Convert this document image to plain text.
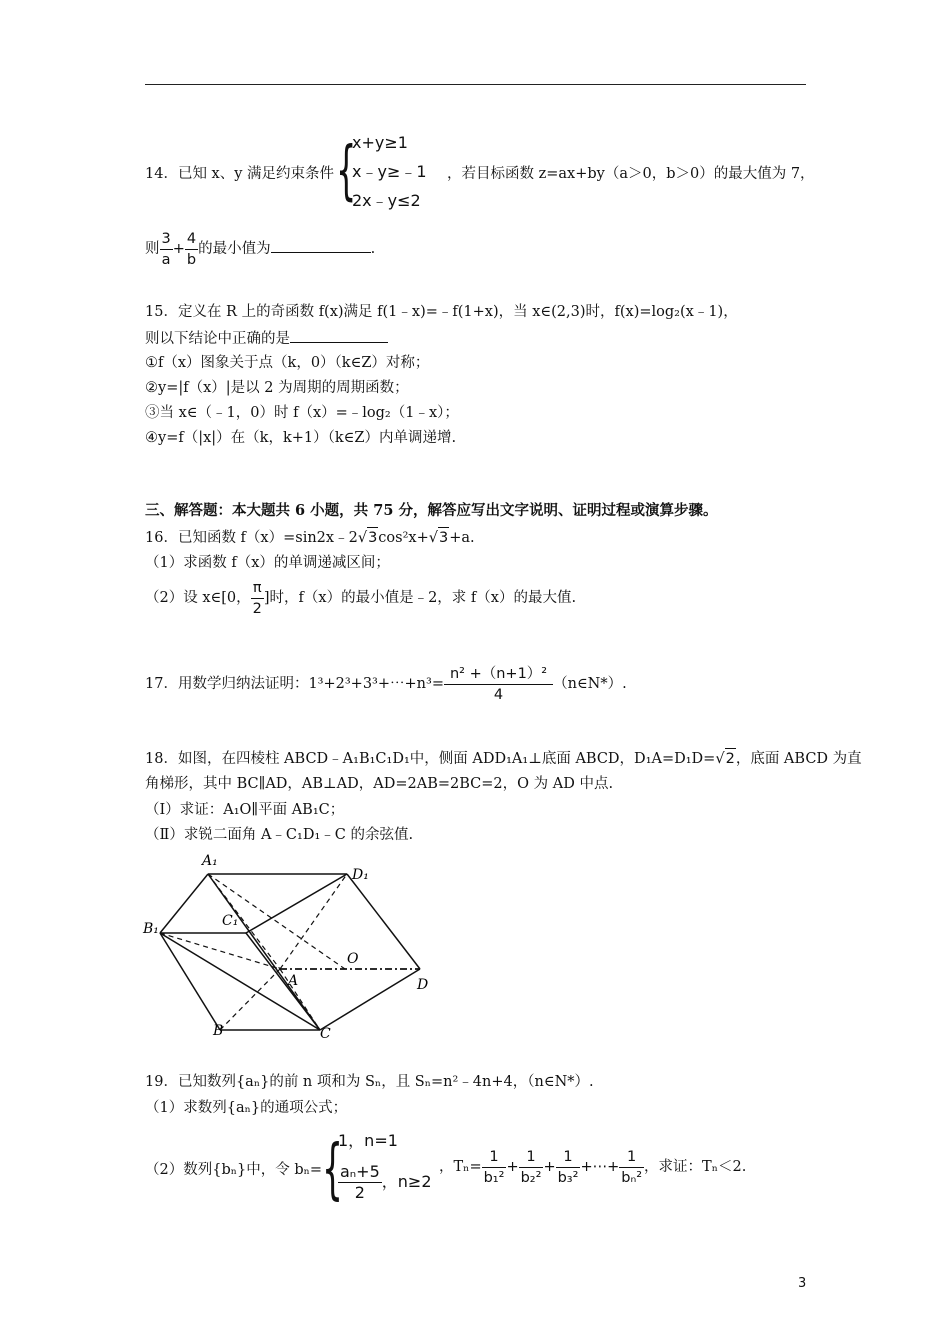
14．已知 x、y 满足约束条件 {
x+y≥1
x﹣y≥﹣1
2x﹣y≤2
，若目标函数 z=ax+by（a＞0，b＞0）的最大值为 7，
则 $\frac{3}{a} + \frac{4}{b}$ 的最小值为	.
15．定义在 R 上的奇函数 f(x)满足 f(1﹣x)=﹣f(1+x)，当 x∈(2,3)时，f(x)=log₂(x﹣1)，
则以下结论中正确的是
①f（x）图象关于点（k，0）（k∈Z）对称；
②y=|f（x）|是以 2 为周期的周期函数；
③当 x∈（﹣1，0）时 f（x）=﹣log₂（1﹣x）；
④y=f（|x|）在（k，k+1）（k∈Z）内单调递增.
三、解答题：本大题共 6 小题，共 75 分，解答应写出文字说明、证明过程或演算步骤。
16．已知函数 f（x）=sin2x﹣2√3cos²x+√3+a.
（1）求函数 f（x）的单调递减区间；
（2）设 x∈[0， $\frac{\pi}{2}$ ]时，f（x）的最小值是﹣2，求 f（x）的最大值.
17．用数学归纳法证明：1³+2³+3³+⋯+n³= $\frac{\text{n² +（n+1）²}}{4}$ （n∈N*）.
18．如图，在四棱柱 ABCD﹣A₁B₁C₁D₁中，侧面 ADD₁A₁⊥底面 ABCD，D₁A=D₁D=√2，底面 ABCD 为直
角梯形，其中 BC∥AD，AB⊥AD，AD=2AB=2BC=2，O 为 AD 中点.
（Ⅰ）求证：A₁O∥平面 AB₁C；
（Ⅱ）求锐二面角 A﹣C₁D₁﹣C 的余弦值.
A₁
D₁
B₁	C₁
O
A	D
B	C
19．已知数列{aₙ}的前 n 项和为 Sₙ，且 Sₙ=n²﹣4n+4，（n∈N*）.
（1）求数列{aₙ}的通项公式；
（2）数列{bₙ}中，令 bₙ= {
1，n=1
$\frac{\text{aₙ+5}}{2}$ ，n≥2
，$T_n= \frac{1}{\text{b₁²}} + \frac{1}{\text{b₂²}} + \frac{1}{\text{b₃²}}$ +⋯+ $\frac{1}{\text{bₙ²}}$ ，求证：Tₙ＜2.
3
